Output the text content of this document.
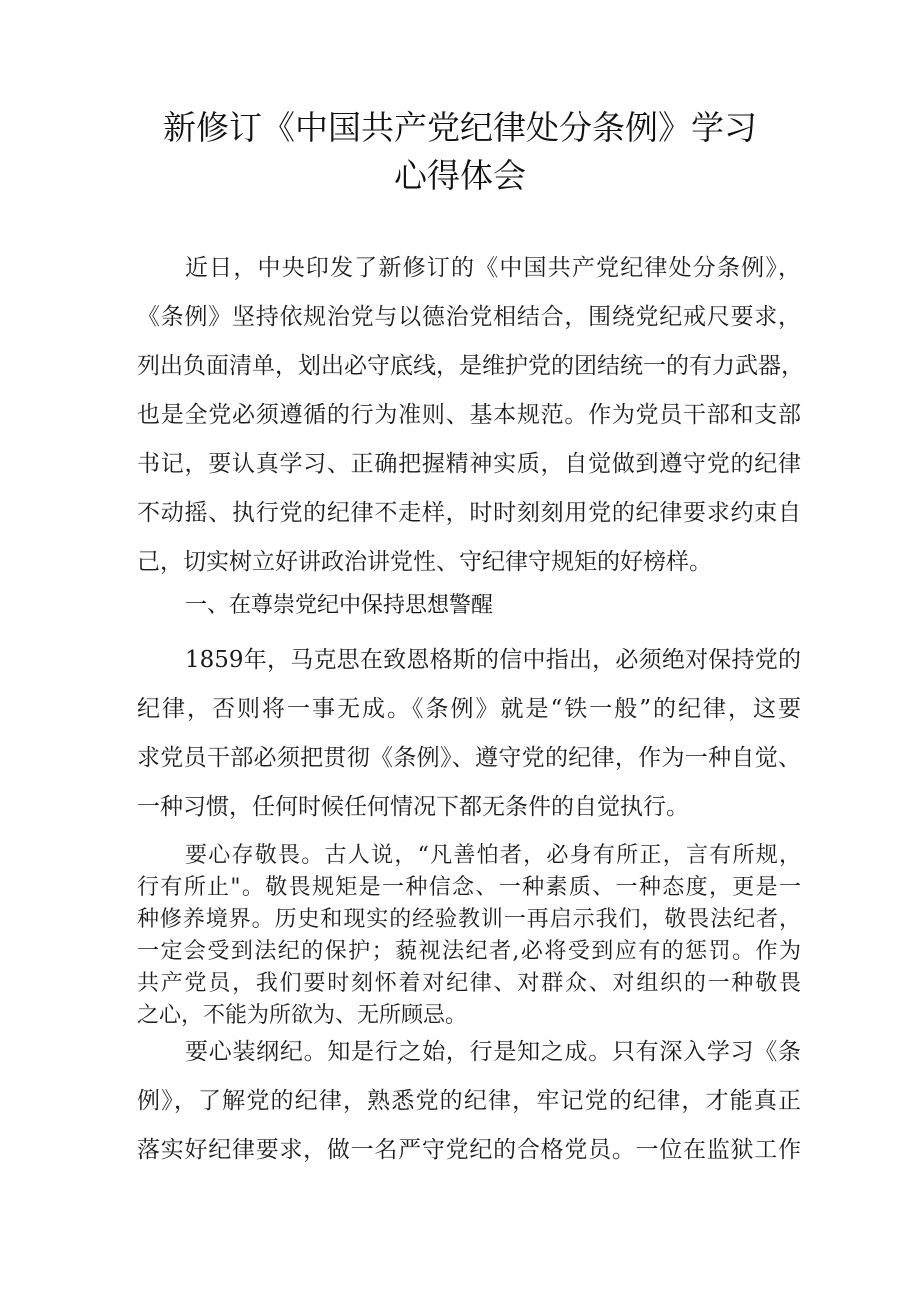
新修订《中国共产党纪律处分条例》学习
心得体会
近日，中央印发了新修订的《中国共产党纪律处分条例》，
《条例》坚持依规治党与以德治党相结合，围绕党纪戒尺要求，
列出负面清单，划出必守底线，是维护党的团结统一的有力武器，
也是全党必须遵循的行为准则、基本规范。作为党员干部和支部
书记，要认真学习、正确把握精神实质，自觉做到遵守党的纪律
不动摇、执行党的纪律不走样，时时刻刻用党的纪律要求约束自
己，切实树立好讲政治讲党性、守纪律守规矩的好榜样。
一、在尊崇党纪中保持思想警醒
1859年，马克思在致恩格斯的信中指出，必须绝对保持党的
纪律，否则将一事无成。《条例》就是“铁一般”的纪律，这要
求党员干部必须把贯彻《条例》、遵守党的纪律，作为一种自觉、
一种习惯，任何时候任何情况下都无条件的自觉执行。
要心存敬畏。古人说，“凡善怕者，必身有所正，言有所规，
行有所止"。敬畏规矩是一种信念、一种素质、一种态度，更是一
种修养境界。历史和现实的经验教训一再启示我们，敬畏法纪者，
一定会受到法纪的保护；藐视法纪者,必将受到应有的惩罚。作为
共产党员，我们要时刻怀着对纪律、对群众、对组织的一种敬畏
之心，不能为所欲为、无所顾忌。
要心装纲纪。知是行之始，行是知之成。只有深入学习《条
例》，了解党的纪律，熟悉党的纪律，牢记党的纪律，才能真正
落实好纪律要求，做一名严守党纪的合格党员。一位在监狱工作
